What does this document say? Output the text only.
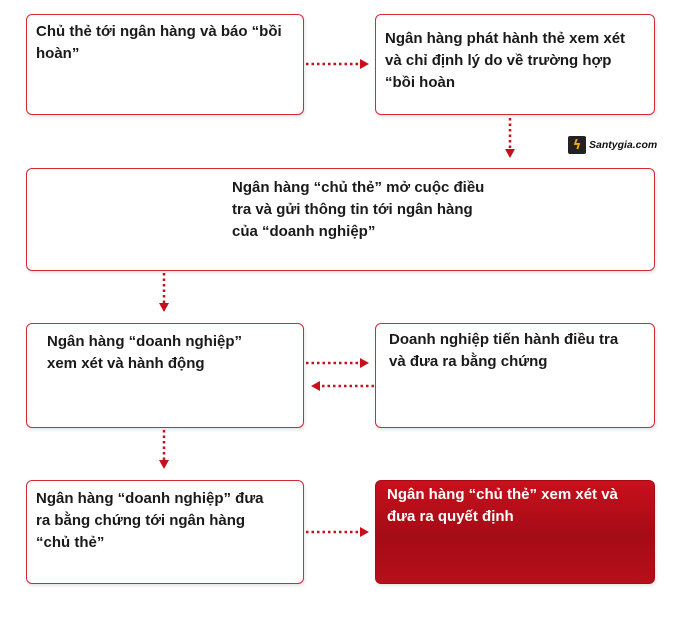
Chủ thẻ tới ngân hàng và báo “bồi
hoàn”
Ngân hàng phát hành thẻ xem xét
và chỉ định lý do về trường hợp
“bồi hoàn
Ngân hàng “chủ thẻ” mở cuộc điều
tra và gửi thông tin tới ngân hàng
của “doanh nghiệp”
Ngân hàng “doanh nghiệp”
xem xét và hành động
Doanh nghiệp tiến hành điều tra
và đưa ra bằng chứng
Ngân hàng “doanh nghiệp” đưa
ra bằng chứng tới ngân hàng
“chủ thẻ”
Ngân hàng “chủ thẻ” xem xét và
đưa ra quyết định
ϟ Santygia.com
